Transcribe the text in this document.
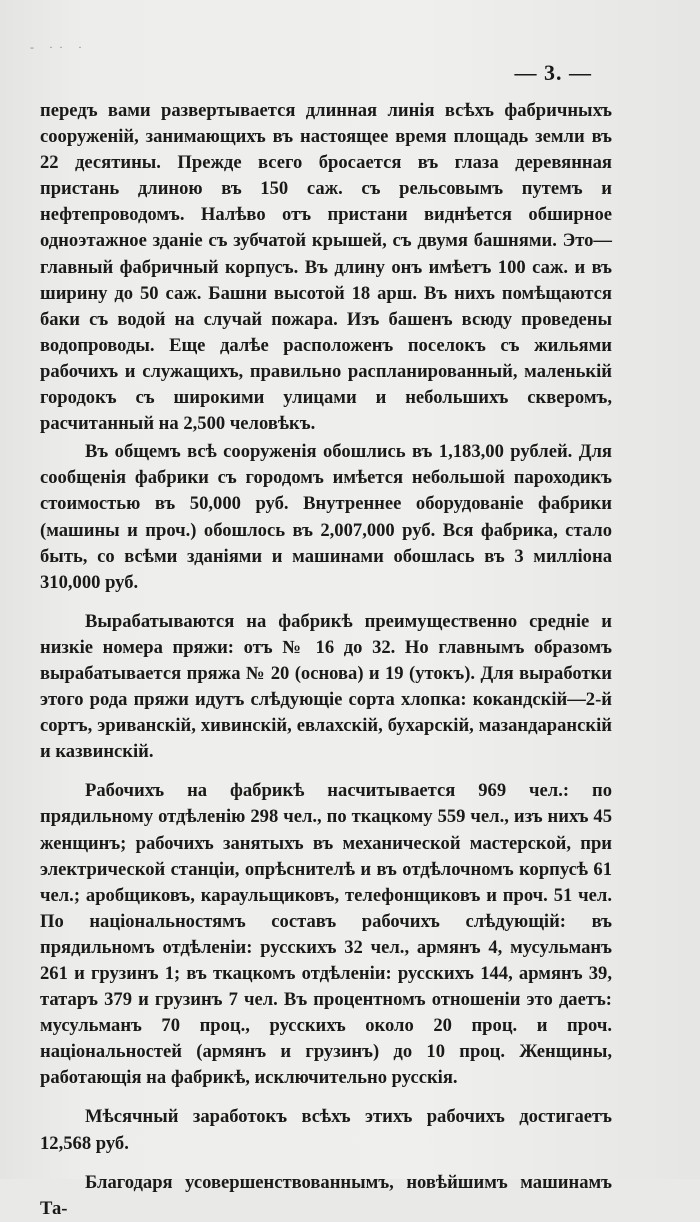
- ·· ·
— 3. —

передъ вами развертывается длинная линія всѣхъ фабричныхъ сооруженій, занимающихъ въ настоящее время площадь земли въ 22 десятины. Прежде всего бросается въ глаза деревянная пристань длиною въ 150 саж. съ рельсовымъ путемъ и нефтепроводомъ. Налѣво отъ пристани виднѣется обширное одноэтажное зданіе съ зубчатой крышей, съ двумя башнями. Это—главный фабричный корпусъ. Въ длину онъ имѣетъ 100 саж. и въ ширину до 50 саж. Башни высотой 18 арш. Въ нихъ помѣщаются баки съ водой на случай пожара. Изъ башенъ всюду проведены водопроводы. Еще далѣе расположенъ поселокъ съ жильями рабочихъ и служащихъ, правильно распланированный, маленькій городокъ съ широкими улицами и небольшихъ скверомъ, расчитанный на 2,500 человѣкъ.

Въ общемъ всѣ сооруженія обошлись въ 1,183,00 рублей. Для сообщенія фабрики съ городомъ имѣется небольшой пароходикъ стоимостью въ 50,000 руб. Внутреннее оборудованіе фабрики (машины и проч.) обошлось въ 2,007,000 руб. Вся фабрика, стало быть, со всѣми зданіями и машинами обошлась въ 3 милліона 310,000 руб.

Вырабатываются на фабрикѣ преимущественно средніе и низкіе номера пряжи: отъ № 16 до 32. Но главнымъ образомъ вырабатывается пряжа № 20 (основа) и 19 (утокъ). Для выработки этого рода пряжи идутъ слѣдующіе сорта хлопка: кокандскій—2-й сортъ, эриванскій, хивинскій, евлахскій, бухарскій, мазандаранскій и казвинскій.

Рабочихъ на фабрикѣ насчитывается 969 чел.: по прядильному отдѣленію 298 чел., по ткацкому 559 чел., изъ нихъ 45 женщинъ; рабочихъ занятыхъ въ механической мастерской, при электрической станціи, опрѣснителѣ и въ отдѣлочномъ корпусѣ 61 чел.; аробщиковъ, караульщиковъ, телефонщиковъ и проч. 51 чел. По національностямъ составъ рабочихъ слѣдующій: въ прядильномъ отдѣленіи: русскихъ 32 чел., армянъ 4, мусульманъ 261 и грузинъ 1; въ ткацкомъ отдѣленіи: русскихъ 144, армянъ 39, татаръ 379 и грузинъ 7 чел. Въ процентномъ отношеніи это даетъ: мусульманъ 70 проц., русскихъ около 20 проц. и проч. національностей (армянъ и грузинъ) до 10 проц. Женщины, работающія на фабрикѣ, исключительно русскія.

Мѣсячный заработокъ всѣхъ этихъ рабочихъ достигаетъ 12,568 руб.

Благодаря усовершенствованнымъ, новѣйшимъ машинамъ Та-
